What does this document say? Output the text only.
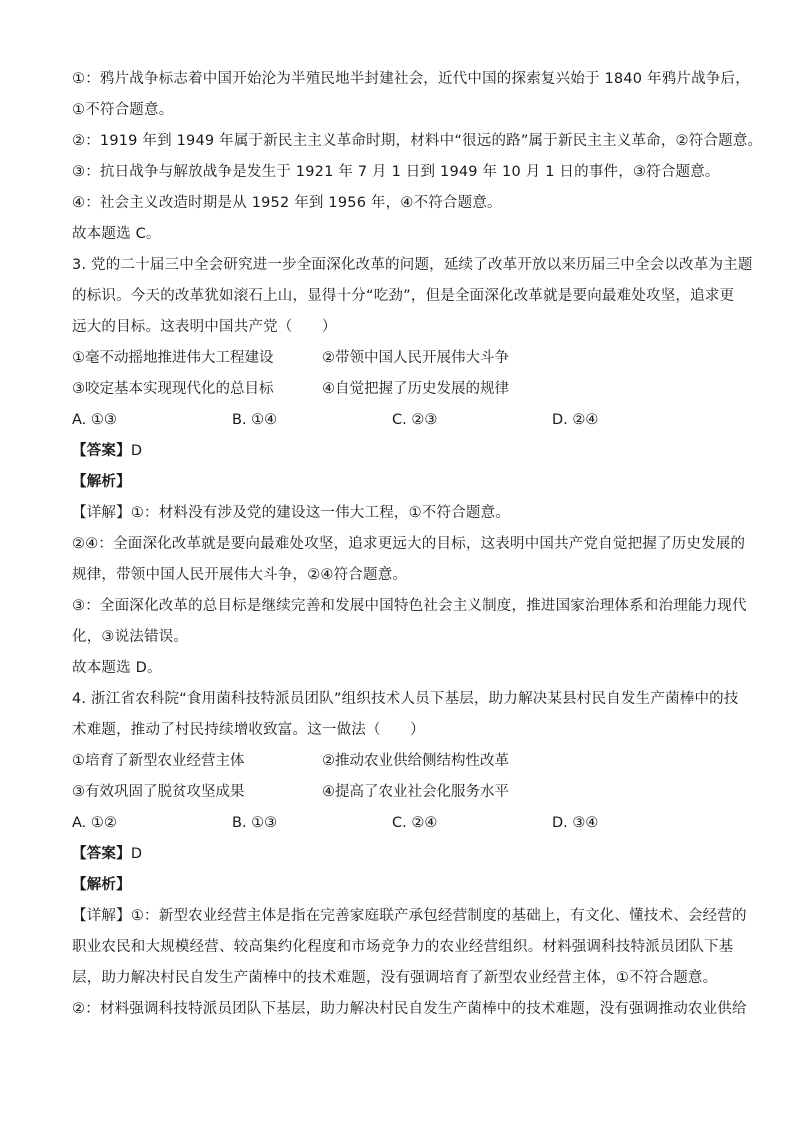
①：鸦片战争标志着中国开始沦为半殖民地半封建社会，近代中国的探索复兴始于 1840 年鸦片战争后，
①不符合题意。
②：1919 年到 1949 年属于新民主主义革命时期，材料中“很远的路”属于新民主主义革命，②符合题意。
③：抗日战争与解放战争是发生于 1921 年 7 月 1 日到 1949 年 10 月 1 日的事件，③符合题意。
④：社会主义改造时期是从 1952 年到 1956 年，④不符合题意。
故本题选 C。
3. 党的二十届三中全会研究进一步全面深化改革的问题，延续了改革开放以来历届三中全会以改革为主题
的标识。今天的改革犹如滚石上山，显得十分“吃劲”，但是全面深化改革就是要向最难处攻坚，追求更
远大的目标。这表明中国共产党（　　）
①毫不动摇地推进伟大工程建设	②带领中国人民开展伟大斗争
③咬定基本实现现代化的总目标	④自觉把握了历史发展的规律
A. ①③	B. ①④	C. ②③	D. ②④
【答案】D
【解析】
【详解】①：材料没有涉及党的建设这一伟大工程，①不符合题意。
②④：全面深化改革就是要向最难处攻坚，追求更远大的目标，这表明中国共产党自觉把握了历史发展的
规律，带领中国人民开展伟大斗争，②④符合题意。
③：全面深化改革的总目标是继续完善和发展中国特色社会主义制度，推进国家治理体系和治理能力现代
化，③说法错误。
故本题选 D。
4. 浙江省农科院“食用菌科技特派员团队”组织技术人员下基层，助力解决某县村民自发生产菌棒中的技
术难题，推动了村民持续增收致富。这一做法（　　）
①培育了新型农业经营主体	②推动农业供给侧结构性改革
③有效巩固了脱贫攻坚成果	④提高了农业社会化服务水平
A. ①②	B. ①③	C. ②④	D. ③④
【答案】D
【解析】
【详解】①：新型农业经营主体是指在完善家庭联产承包经营制度的基础上，有文化、懂技术、会经营的
职业农民和大规模经营、较高集约化程度和市场竞争力的农业经营组织。材料强调科技特派员团队下基
层，助力解决村民自发生产菌棒中的技术难题，没有强调培育了新型农业经营主体，①不符合题意。
②：材料强调科技特派员团队下基层，助力解决村民自发生产菌棒中的技术难题，没有强调推动农业供给
